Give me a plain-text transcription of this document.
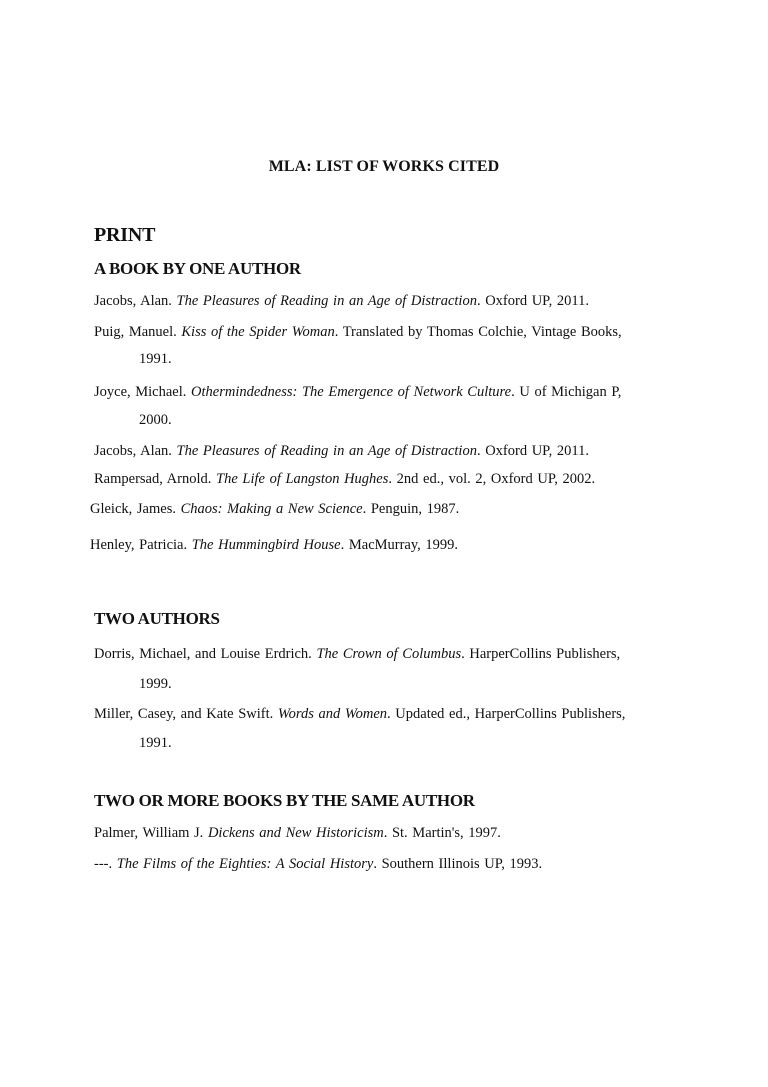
MLA: LIST OF WORKS CITED
PRINT
A BOOK BY ONE AUTHOR
Jacobs, Alan. The Pleasures of Reading in an Age of Distraction. Oxford UP, 2011.
Puig, Manuel. Kiss of the Spider Woman. Translated by Thomas Colchie, Vintage Books,
1991.
Joyce, Michael. Othermindedness: The Emergence of Network Culture. U of Michigan P,
2000.
Jacobs, Alan. The Pleasures of Reading in an Age of Distraction. Oxford UP, 2011.
Rampersad, Arnold. The Life of Langston Hughes. 2nd ed., vol. 2, Oxford UP, 2002.
Gleick, James. Chaos: Making a New Science. Penguin, 1987.
Henley, Patricia. The Hummingbird House. MacMurray, 1999.
TWO AUTHORS
Dorris, Michael, and Louise Erdrich. The Crown of Columbus. HarperCollins Publishers,
1999.
Miller, Casey, and Kate Swift. Words and Women. Updated ed., HarperCollins Publishers,
1991.
TWO OR MORE BOOKS BY THE SAME AUTHOR
Palmer, William J. Dickens and New Historicism. St. Martin's, 1997.
---. The Films of the Eighties: A Social History. Southern Illinois UP, 1993.
